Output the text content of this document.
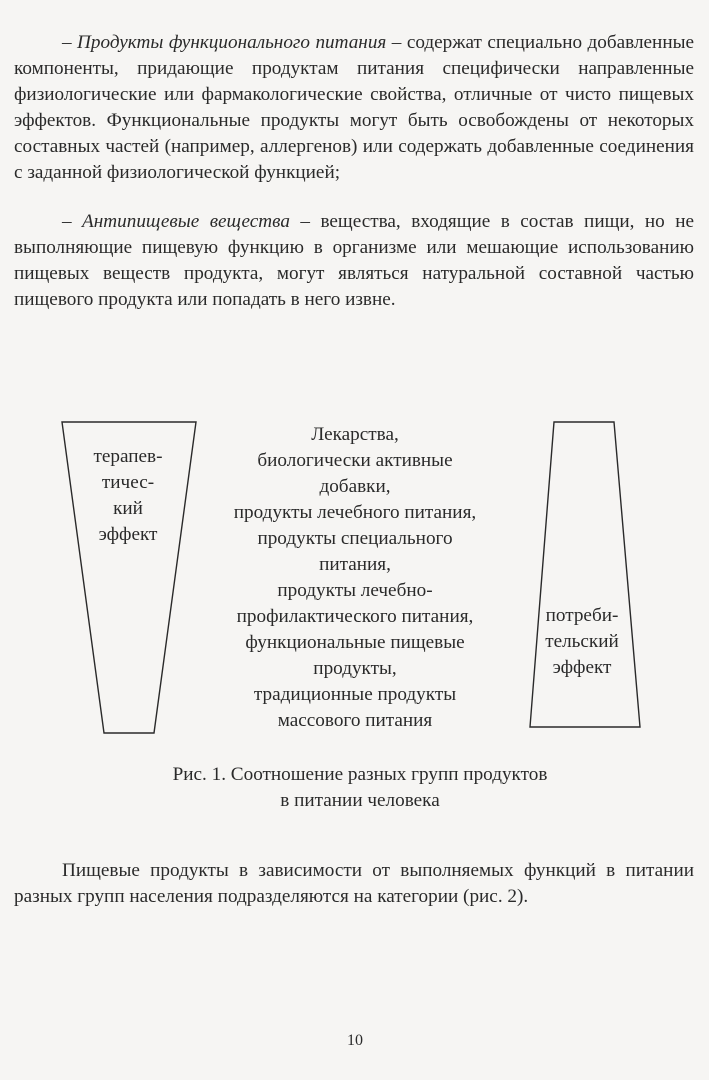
– Продукты функционального питания – содержат специально добавленные компоненты, придающие продуктам питания специфически направленные физиологические или фармакологические свойства, отличные от чисто пищевых эффектов. Функциональные продукты могут быть освобождены от некоторых составных частей (например, аллергенов) или содержать добавленные соединения с заданной физиологической функцией;

– Антипищевые вещества – вещества, входящие в состав пищи, но не выполняющие пищевую функцию в организме или мешающие использованию пищевых веществ продукта, могут являться натуральной составной частью пищевого продукта или попадать в него извне.

терапев-
тичес-
кий
эффект
Лекарства,
биологически активные
добавки,
продукты лечебного питания,
продукты специального
питания,
продукты лечебно-
профилактического питания,
функциональные пищевые
продукты,
традиционные продукты
массового питания
потреби-
тельский
эффект
Рис. 1. Соотношение разных групп продуктов
в питании человека

Пищевые продукты в зависимости от выполняемых функций в питании разных групп населения подразделяются на категории (рис. 2).

10
